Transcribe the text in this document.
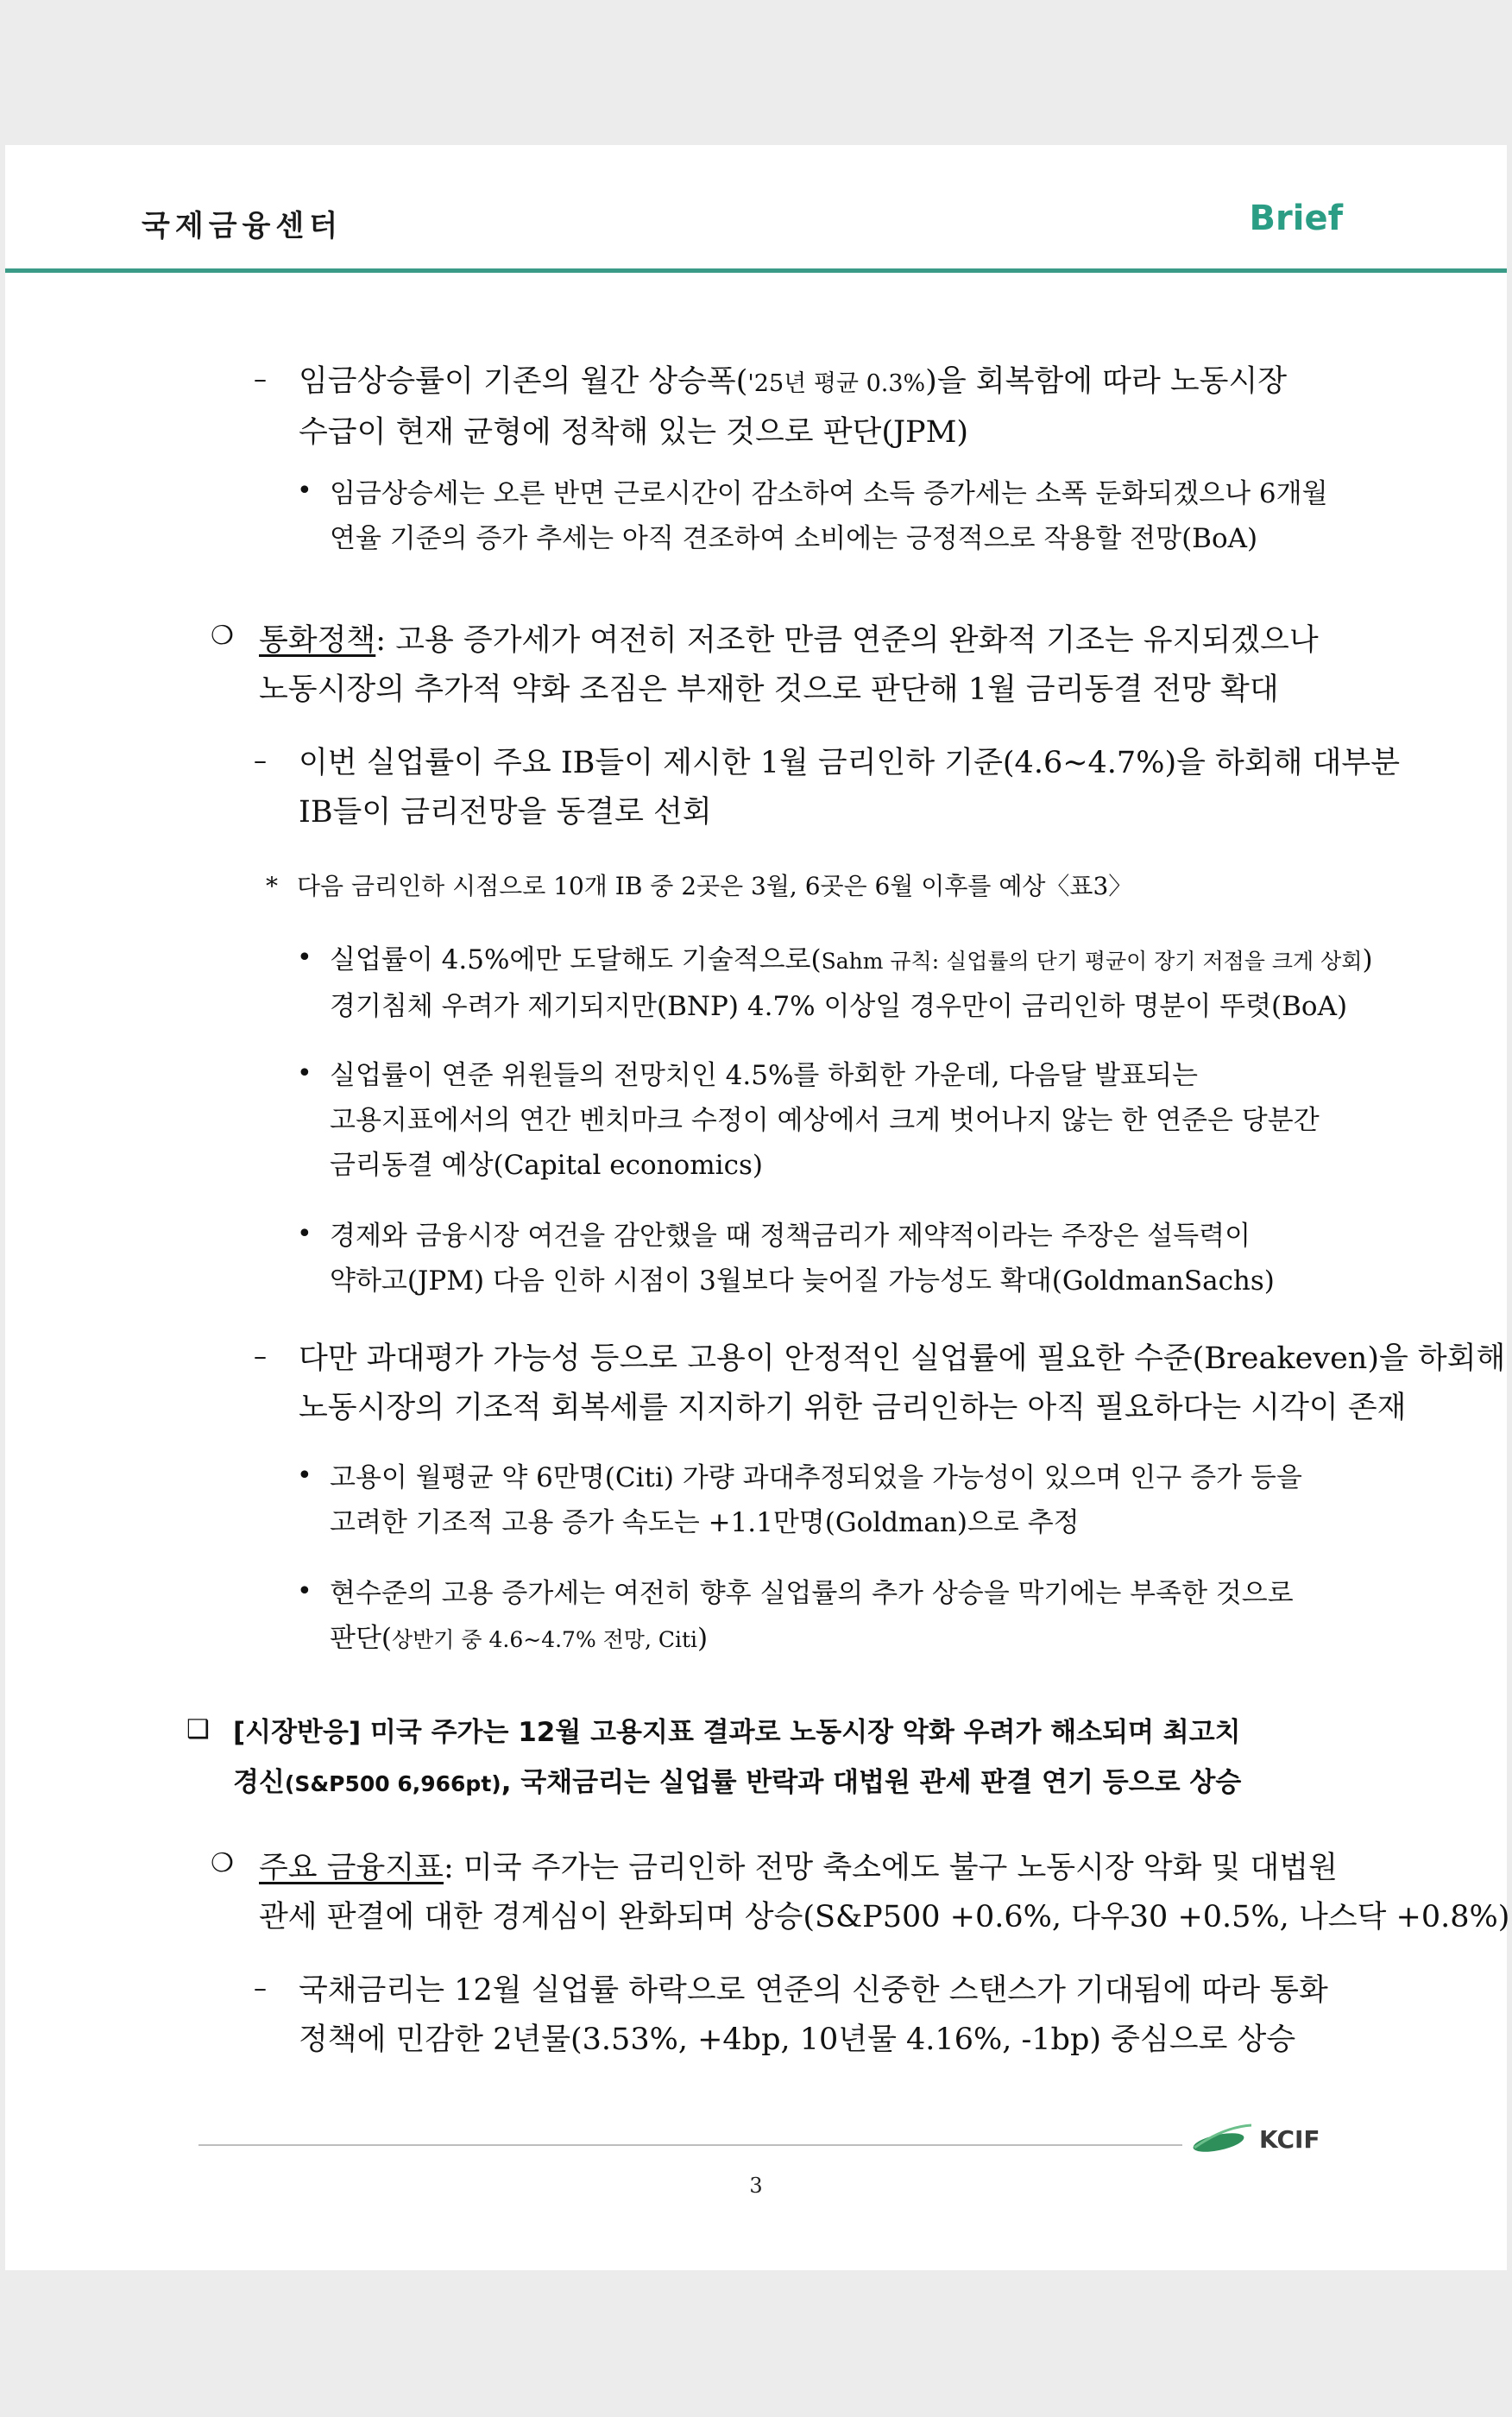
국제금융센터	Brief
– 임금상승률이 기존의 월간 상승폭('25년 평균 0.3%)을 회복함에 따라 노동시장
수급이 현재 균형에 정착해 있는 것으로 판단(JPM)
• 임금상승세는 오른 반면 근로시간이 감소하여 소득 증가세는 소폭 둔화되겠으나 6개월
연율 기준의 증가 추세는 아직 견조하여 소비에는 긍정적으로 작용할 전망(BoA)
❍ 통화정책: 고용 증가세가 여전히 저조한 만큼 연준의 완화적 기조는 유지되겠으나
노동시장의 추가적 약화 조짐은 부재한 것으로 판단해 1월 금리동결 전망 확대
– 이번 실업률이 주요 IB들이 제시한 1월 금리인하 기준(4.6~4.7%)을 하회해 대부분
IB들이 금리전망을 동결로 선회
* 다음 금리인하 시점으로 10개 IB 중 2곳은 3월, 6곳은 6월 이후를 예상〈표3〉
• 실업률이 4.5%에만 도달해도 기술적으로(Sahm 규칙: 실업률의 단기 평균이 장기 저점을 크게 상회)
경기침체 우려가 제기되지만(BNP) 4.7% 이상일 경우만이 금리인하 명분이 뚜렷(BoA)
• 실업률이 연준 위원들의 전망치인 4.5%를 하회한 가운데, 다음달 발표되는
고용지표에서의 연간 벤치마크 수정이 예상에서 크게 벗어나지 않는 한 연준은 당분간
금리동결 예상(Capital economics)
• 경제와 금융시장 여건을 감안했을 때 정책금리가 제약적이라는 주장은 설득력이
약하고(JPM) 다음 인하 시점이 3월보다 늦어질 가능성도 확대(GoldmanSachs)
– 다만 과대평가 가능성 등으로 고용이 안정적인 실업률에 필요한 수준(Breakeven)을 하회해
노동시장의 기조적 회복세를 지지하기 위한 금리인하는 아직 필요하다는 시각이 존재
• 고용이 월평균 약 6만명(Citi) 가량 과대추정되었을 가능성이 있으며 인구 증가 등을
고려한 기조적 고용 증가 속도는 +1.1만명(Goldman)으로 추정
• 현수준의 고용 증가세는 여전히 향후 실업률의 추가 상승을 막기에는 부족한 것으로
판단(상반기 중 4.6~4.7% 전망, Citi)
❑ [시장반응] 미국 주가는 12월 고용지표 결과로 노동시장 악화 우려가 해소되며 최고치
경신(S&P500 6,966pt), 국채금리는 실업률 반락과 대법원 관세 판결 연기 등으로 상승
❍ 주요 금융지표: 미국 주가는 금리인하 전망 축소에도 불구 노동시장 악화 및 대법원
관세 판결에 대한 경계심이 완화되며 상승(S&P500 +0.6%, 다우30 +0.5%, 나스닥 +0.8%)
– 국채금리는 12월 실업률 하락으로 연준의 신중한 스탠스가 기대됨에 따라 통화
정책에 민감한 2년물(3.53%, +4bp, 10년물 4.16%, -1bp) 중심으로 상승
KCIF
3
